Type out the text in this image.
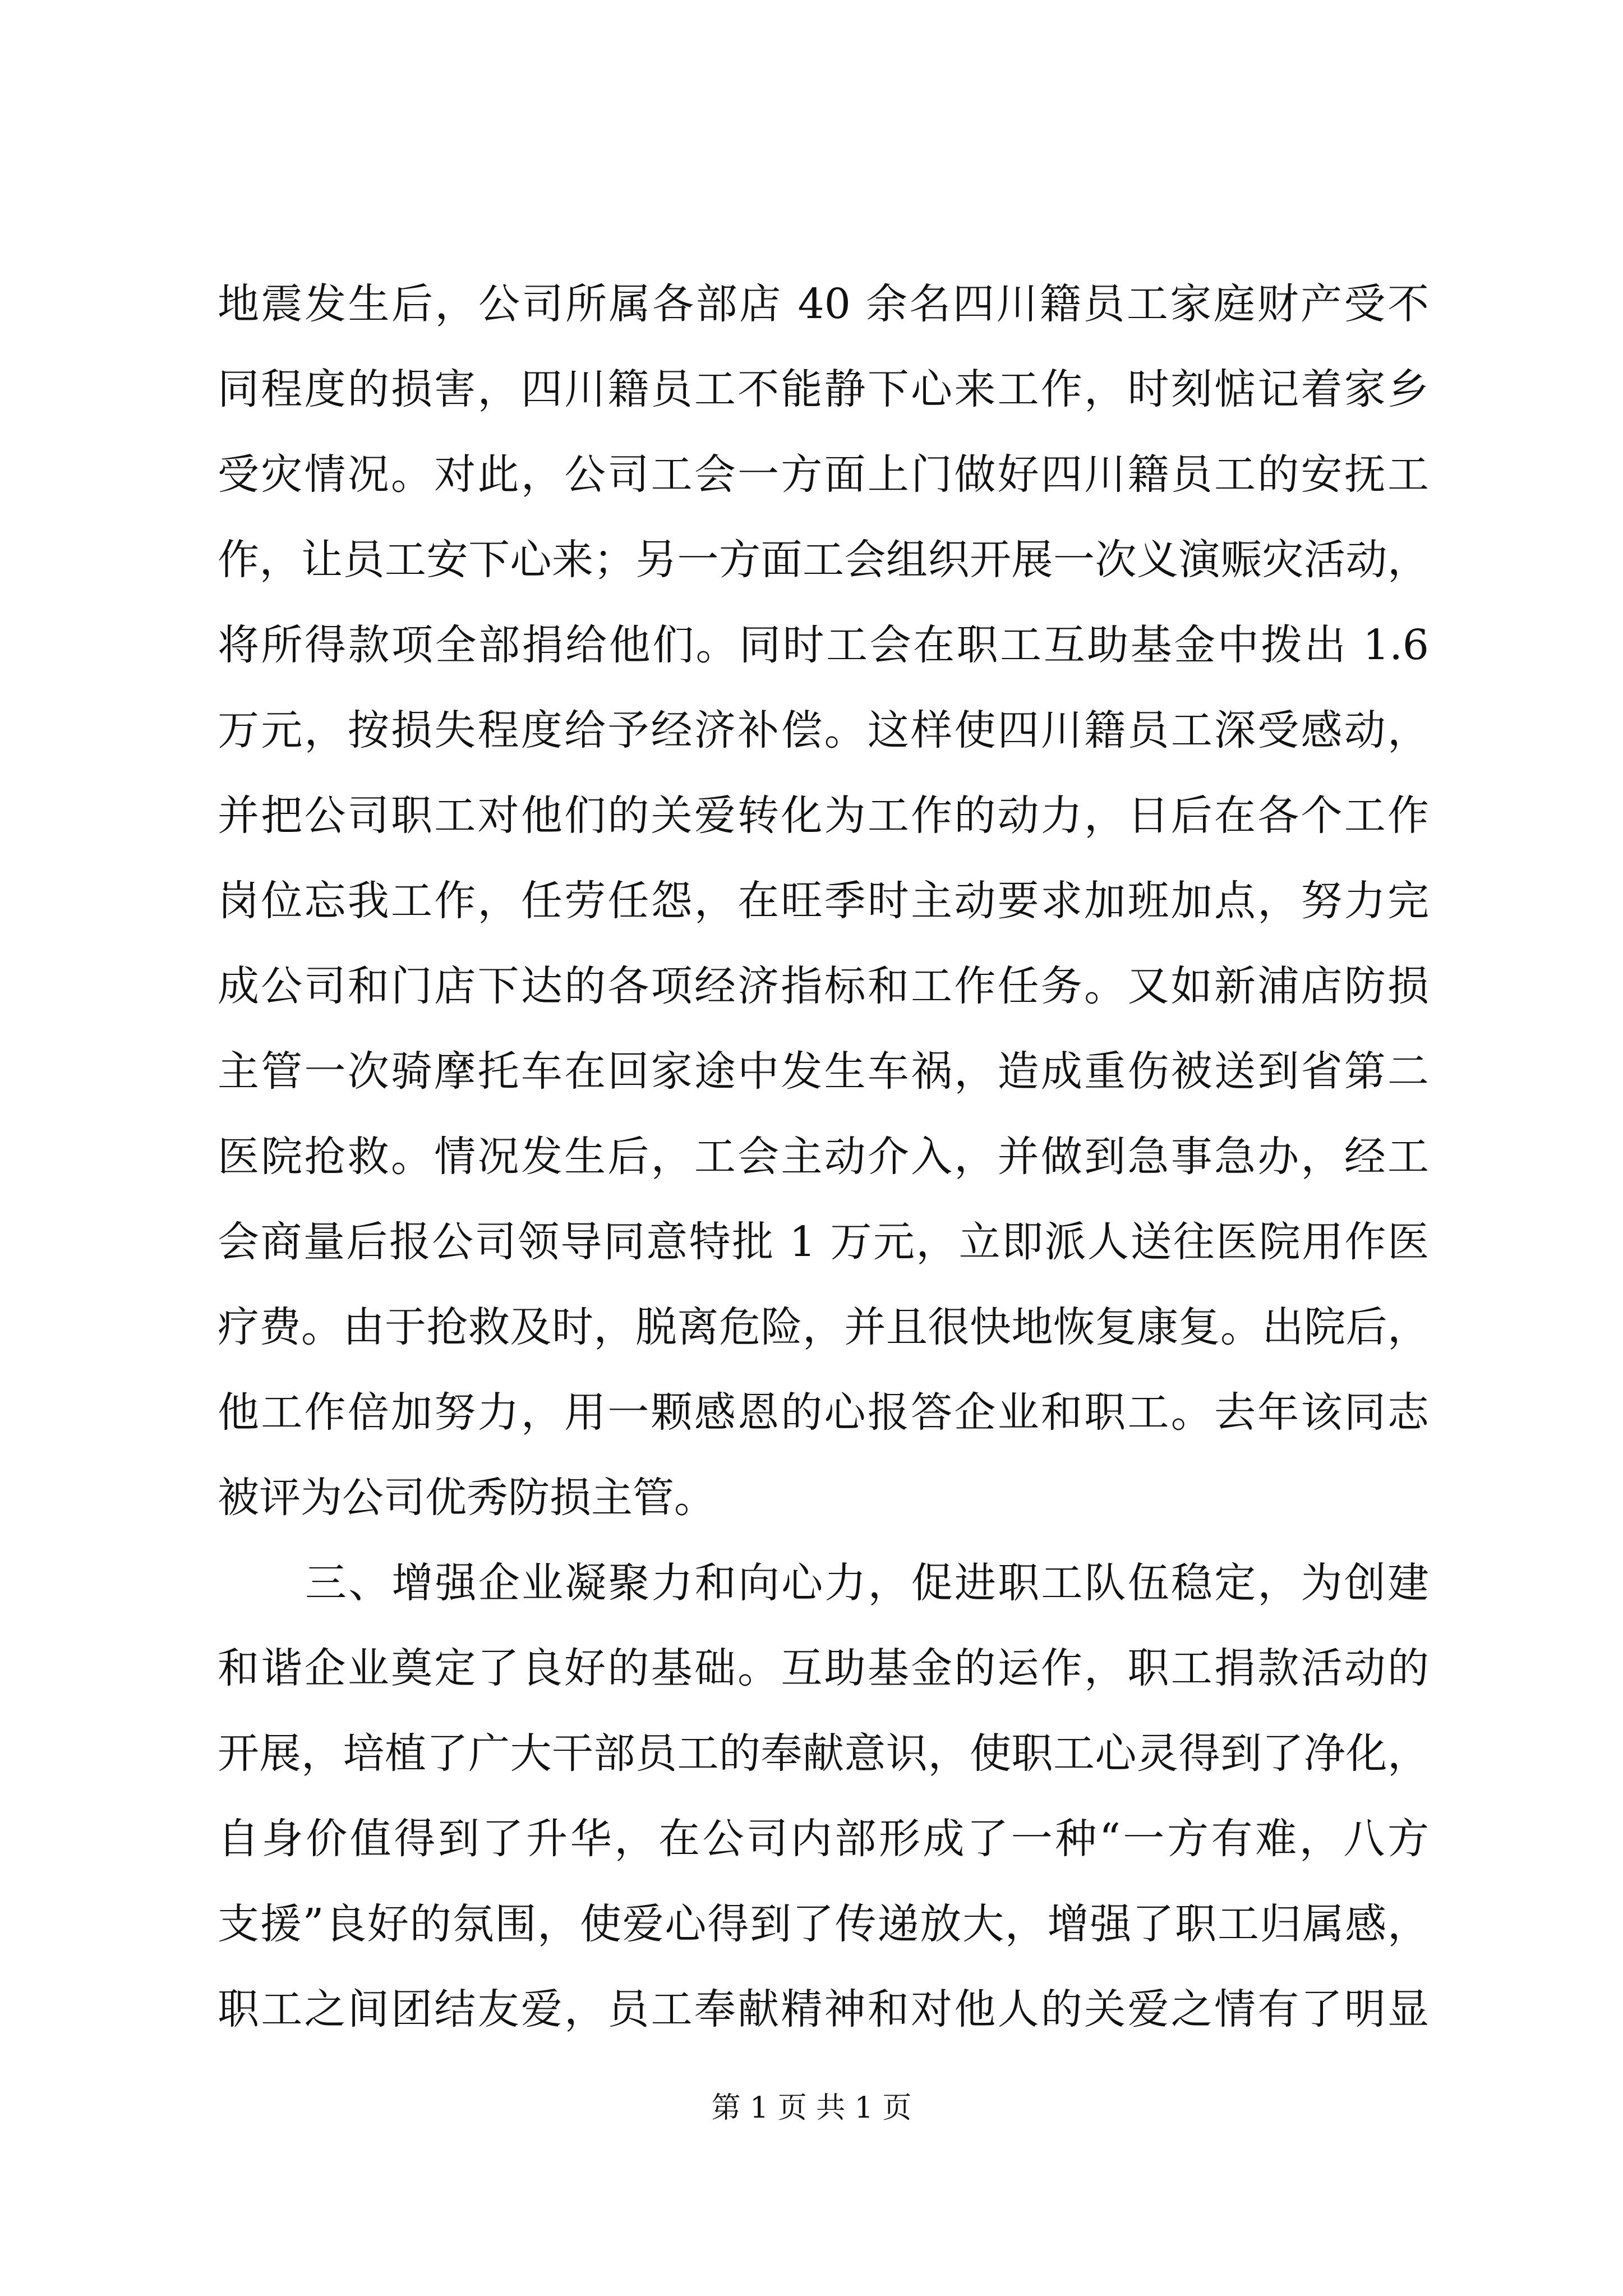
地震发生后，公司所属各部店 40 余名四川籍员工家庭财产受不
同程度的损害，四川籍员工不能静下心来工作，时刻惦记着家乡
受灾情况。对此，公司工会一方面上门做好四川籍员工的安抚工
作，让员工安下心来；另一方面工会组织开展一次义演赈灾活动，
将所得款项全部捐给他们。同时工会在职工互助基金中拨出 1.6
万元，按损失程度给予经济补偿。这样使四川籍员工深受感动，
并把公司职工对他们的关爱转化为工作的动力，日后在各个工作
岗位忘我工作，任劳任怨，在旺季时主动要求加班加点，努力完
成公司和门店下达的各项经济指标和工作任务。又如新浦店防损
主管一次骑摩托车在回家途中发生车祸，造成重伤被送到省第二
医院抢救。情况发生后，工会主动介入，并做到急事急办，经工
会商量后报公司领导同意特批 1 万元，立即派人送往医院用作医
疗费。由于抢救及时，脱离危险，并且很快地恢复康复。出院后，
他工作倍加努力，用一颗感恩的心报答企业和职工。去年该同志
被评为公司优秀防损主管。
三、增强企业凝聚力和向心力，促进职工队伍稳定，为创建
和谐企业奠定了良好的基础。互助基金的运作，职工捐款活动的
开展，培植了广大干部员工的奉献意识，使职工心灵得到了净化，
自身价值得到了升华，在公司内部形成了一种“一方有难，八方
支援”良好的氛围，使爱心得到了传递放大，增强了职工归属感，
职工之间团结友爱，员工奉献精神和对他人的关爱之情有了明显
第 1 页 共 1 页
